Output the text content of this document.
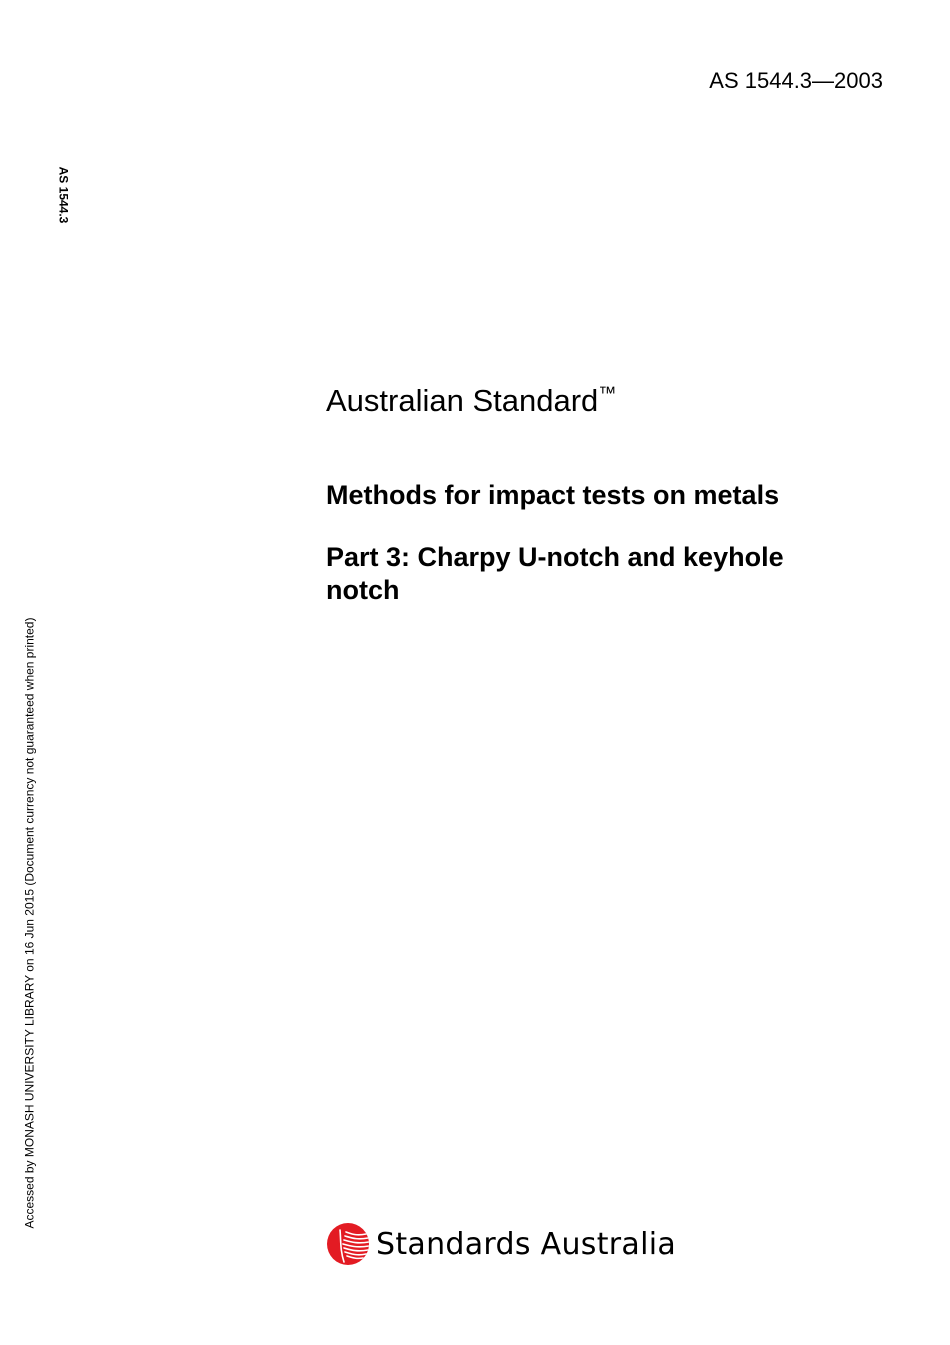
AS 1544.3—2003
AS 1544.3
Accessed by MONASH UNIVERSITY LIBRARY on 16 Jun 2015 (Document currency not guaranteed when printed)
Australian Standard™
Methods for impact tests on metals
Part 3: Charpy U-notch and keyhole notch
Standards Australia
